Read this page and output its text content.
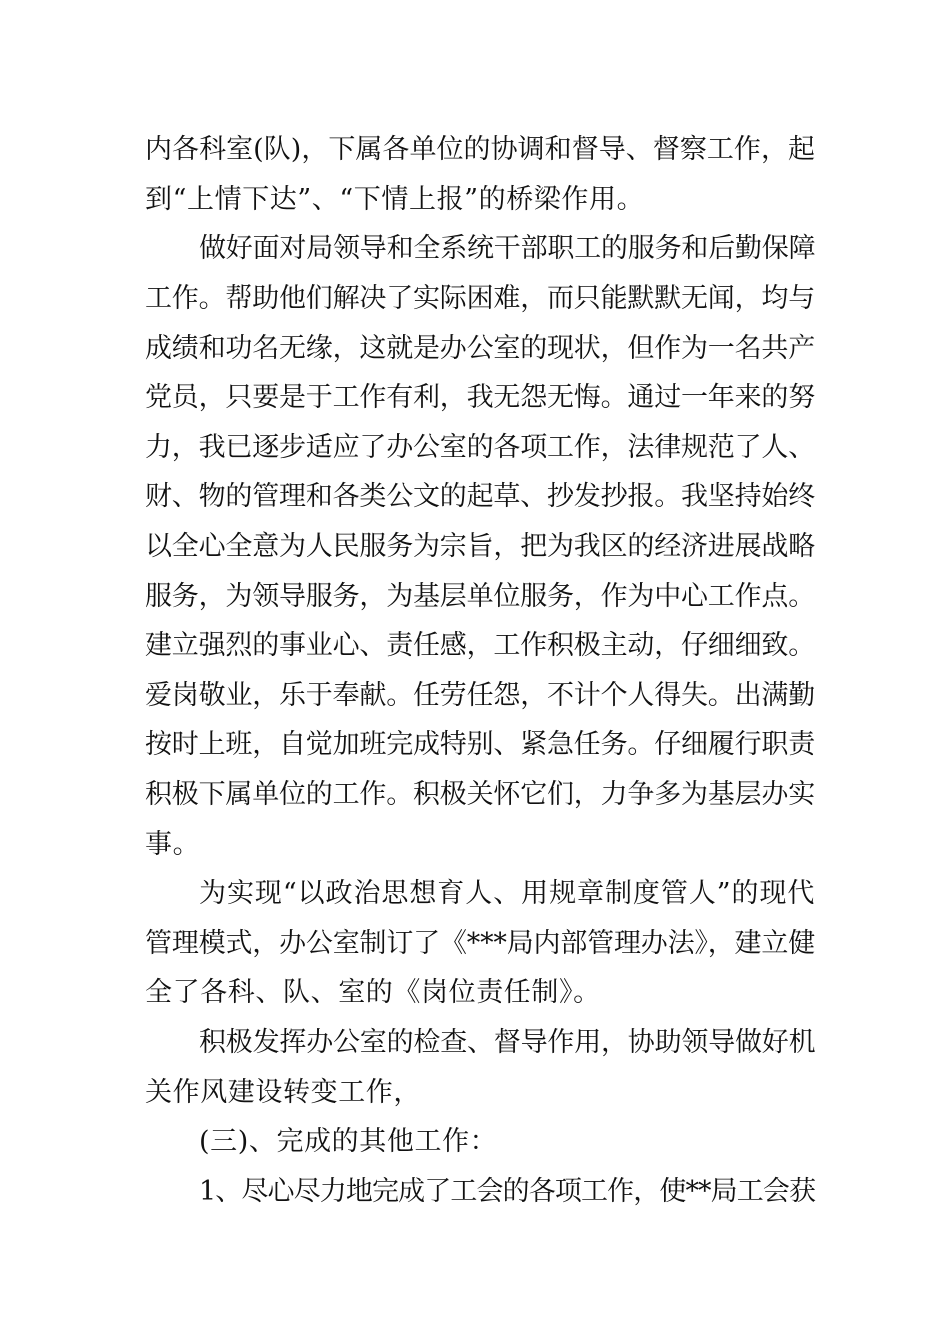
内各科室(队)，下属各单位的协调和督导、督察工作，起
到“上情下达”、“下情上报”的桥梁作用。
做好面对局领导和全系统干部职工的服务和后勤保障
工作。帮助他们解决了实际困难，而只能默默无闻，均与
成绩和功名无缘，这就是办公室的现状，但作为一名共产
党员，只要是于工作有利，我无怨无悔。通过一年来的努
力，我已逐步适应了办公室的各项工作，法律规范了人、
财、物的管理和各类公文的起草、抄发抄报。我坚持始终
以全心全意为人民服务为宗旨，把为我区的经济进展战略
服务，为领导服务，为基层单位服务，作为中心工作点。
建立强烈的事业心、责任感，工作积极主动，仔细细致。
爱岗敬业，乐于奉献。任劳任怨，不计个人得失。出满勤
按时上班，自觉加班完成特别、紧急任务。仔细履行职责
积极下属单位的工作。积极关怀它们，力争多为基层办实
事。
为实现“以政治思想育人、用规章制度管人”的现代
管理模式，办公室制订了《***局内部管理办法》，建立健
全了各科、队、室的《岗位责任制》。
积极发挥办公室的检查、督导作用，协助领导做好机
关作风建设转变工作，
(三)、完成的其他工作：
1、尽心尽力地完成了工会的各项工作，使**局工会获
